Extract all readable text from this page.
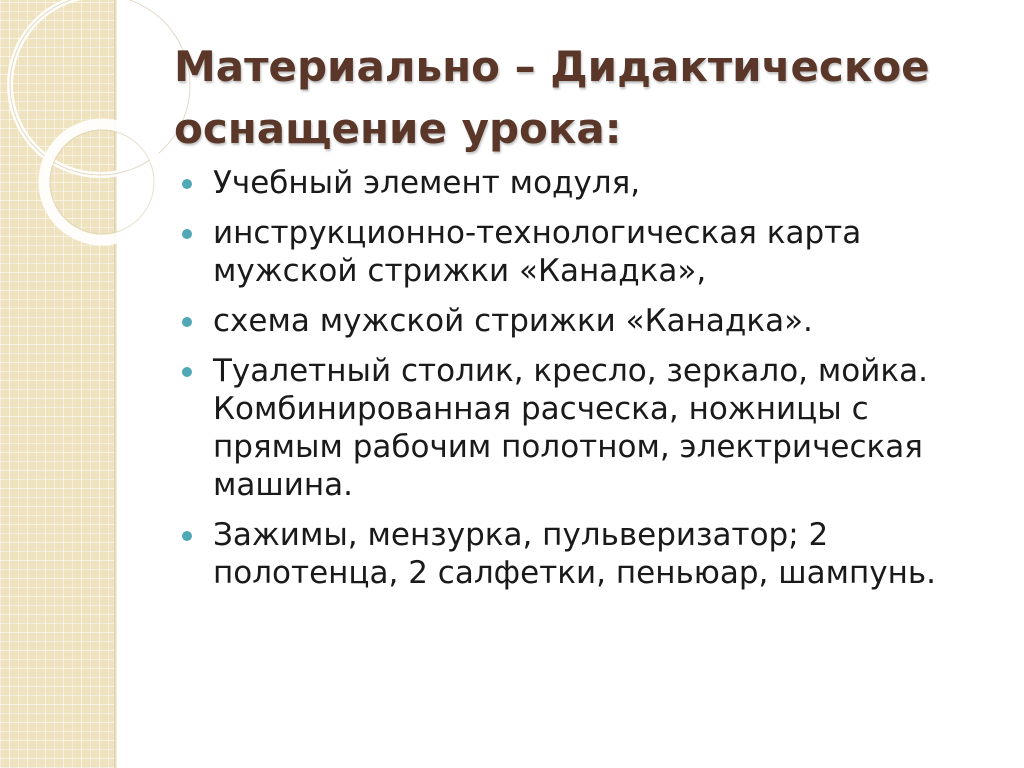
Материально – Дидактическое оснащение урока:
Учебный элемент модуля,
инструкционно-технологическая карта мужской стрижки «Канадка»,
схема мужской стрижки «Канадка».
Туалетный столик, кресло, зеркало, мойка. Комбинированная расческа, ножницы с прямым рабочим полотном, электрическая машина.
Зажимы, мензурка, пульверизатор; 2 полотенца, 2 салфетки, пеньюар, шампунь.
